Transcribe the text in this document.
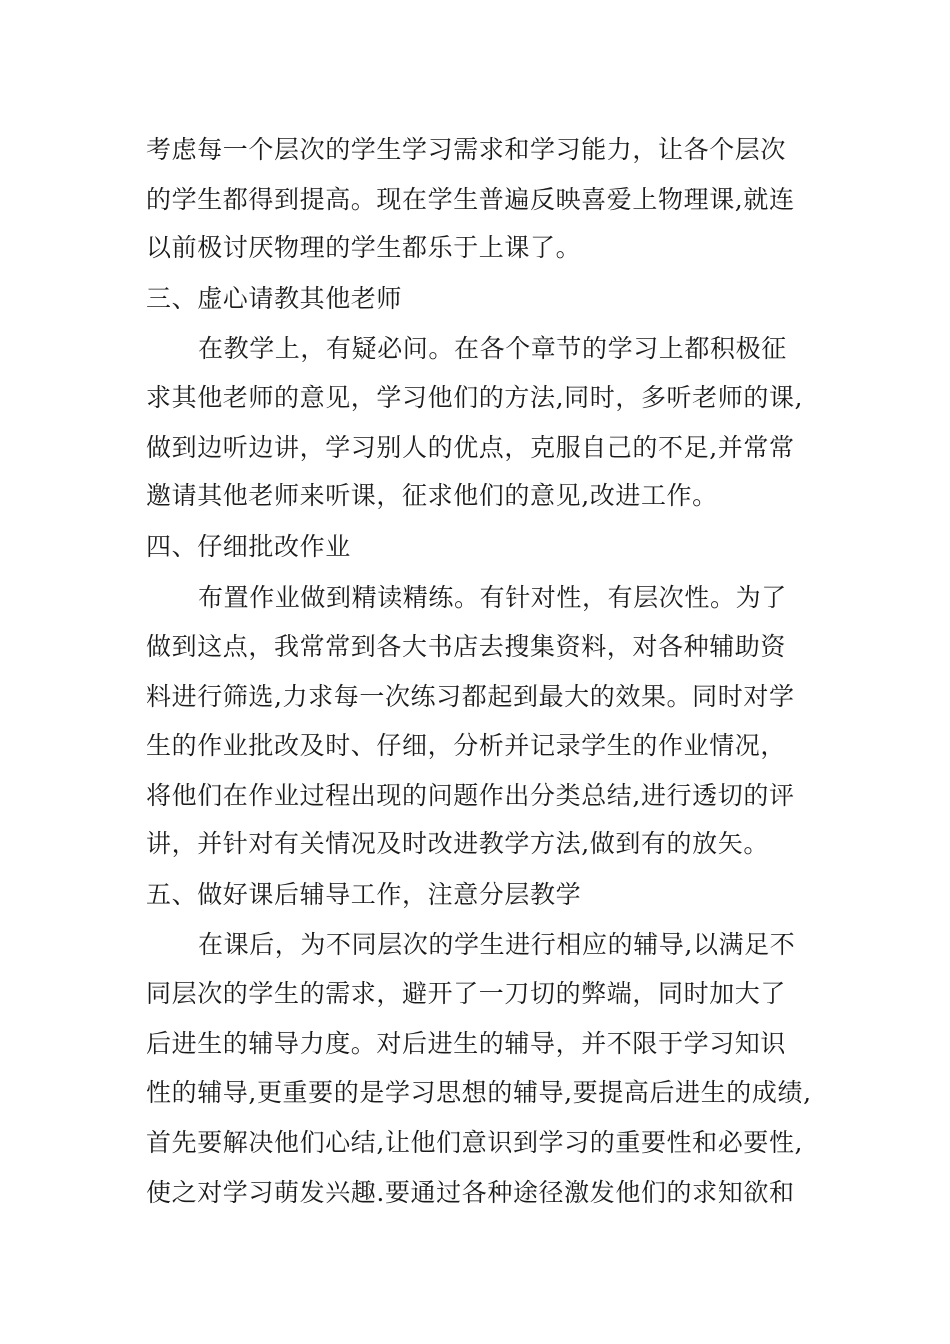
考虑每一个层次的学生学习需求和学习能力，让各个层次
的学生都得到提高。现在学生普遍反映喜爱上物理课,就连
以前极讨厌物理的学生都乐于上课了。
三、虚心请教其他老师
在教学上，有疑必问。在各个章节的学习上都积极征
求其他老师的意见，学习他们的方法,同时，多听老师的课,
做到边听边讲，学习别人的优点，克服自己的不足,并常常
邀请其他老师来听课，征求他们的意见,改进工作。
四、仔细批改作业
布置作业做到精读精练。有针对性，有层次性。为了
做到这点，我常常到各大书店去搜集资料，对各种辅助资
料进行筛选,力求每一次练习都起到最大的效果。同时对学
生的作业批改及时、仔细，分析并记录学生的作业情况，
将他们在作业过程出现的问题作出分类总结,进行透切的评
讲，并针对有关情况及时改进教学方法,做到有的放矢。
五、做好课后辅导工作，注意分层教学
在课后，为不同层次的学生进行相应的辅导,以满足不
同层次的学生的需求，避开了一刀切的弊端，同时加大了
后进生的辅导力度。对后进生的辅导，并不限于学习知识
性的辅导,更重要的是学习思想的辅导,要提高后进生的成绩,
首先要解决他们心结,让他们意识到学习的重要性和必要性,
使之对学习萌发兴趣.要通过各种途径激发他们的求知欲和
